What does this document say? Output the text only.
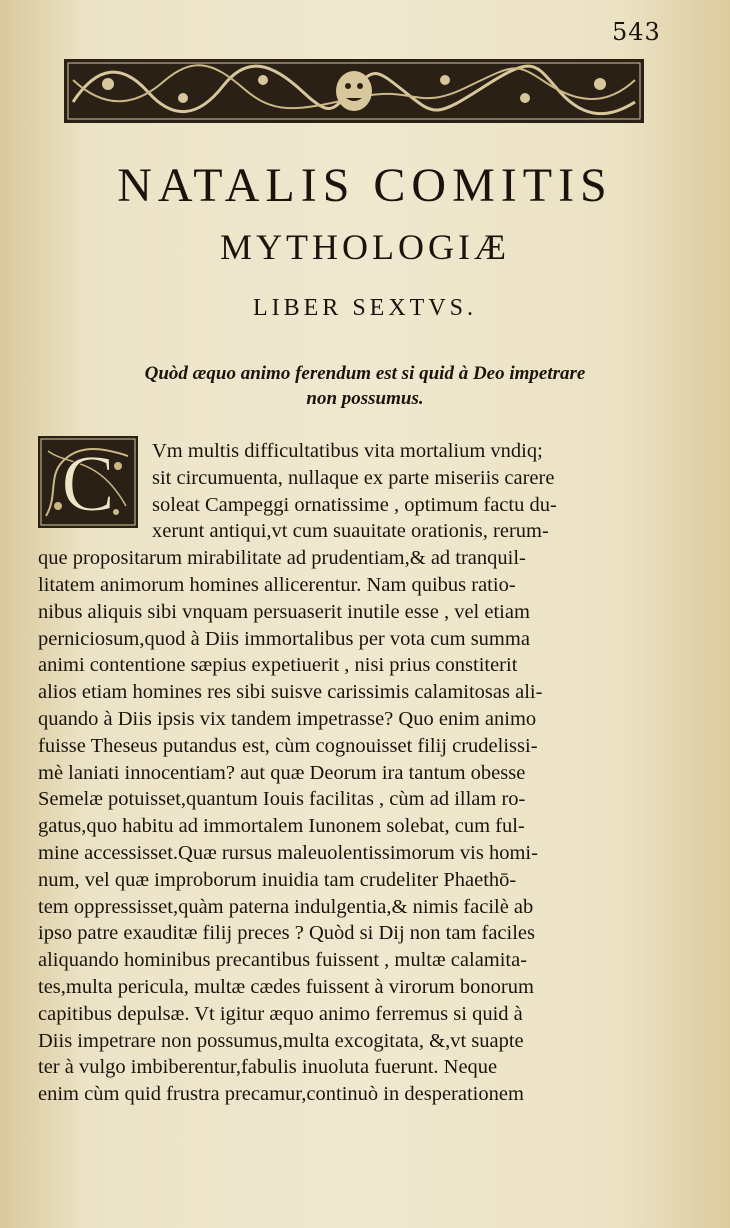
543
NATALIS COMITIS
MYTHOLOGIÆ
LIBER SEXTVS.
Quòd æquo animo ferendum est si quid à Deo impetrare
non possumus.
C	Vm multis difficultatibus vita mortalium vndiq;
sit circumuenta, nullaque ex parte miseriis carere
soleat Campeggi ornatissime , optimum factu du-
xerunt antiqui,vt cum suauitate orationis, rerum-
que propositarum mirabilitate ad prudentiam,& ad tranquil-
litatem animorum homines allicerentur. Nam quibus ratio-
nibus aliquis sibi vnquam persuaserit inutile esse , vel etiam
perniciosum,quod à Diis immortalibus per vota cum summa
animi contentione sæpius expetiuerit , nisi prius constiterit
alios etiam homines res sibi suisve carissimis calamitosas ali-
quando à Diis ipsis vix tandem impetrasse? Quo enim animo
fuisse Theseus putandus est, cùm cognouisset filij crudelissi-
mè laniati innocentiam? aut quæ Deorum ira tantum obesse
Semelæ potuisset,quantum Iouis facilitas , cùm ad illam ro-
gatus,quo habitu ad immortalem Iunonem solebat, cum ful-
mine accessisset.Quæ rursus maleuolentissimorum vis homi-
num, vel quæ improborum inuidia tam crudeliter Phaethō-
tem oppressisset,quàm paterna indulgentia,& nimis facilè ab
ipso patre exauditæ filij preces ? Quòd si Dij non tam faciles
aliquando hominibus precantibus fuissent , multæ calamita-
tes,multa pericula, multæ cædes fuissent à virorum bonorum
capitibus depulsæ. Vt igitur æquo animo ferremus si quid à
Diis impetrare non possumus,multa excogitata, &,vt suapte
ter à vulgo imbiberentur,fabulis inuoluta fuerunt. Neque
enim cùm quid frustra precamur,continuò in desperationem
